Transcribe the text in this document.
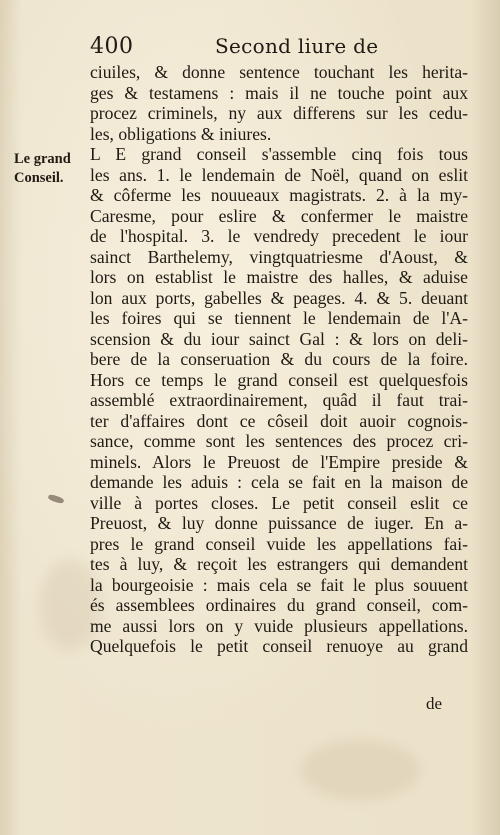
400	Second liure de
Le grand
Conseil.
ciuiles, & donne sentence touchant les herita-
ges & testamens : mais il ne touche point aux
procez criminels, ny aux differens sur les cedu-
les, obligations & iniures.
L E grand conseil s'assemble cinq fois tous
les ans. 1. le lendemain de Noël, quand on eslit
& côferme les nouueaux magistrats. 2. à la my-
Caresme, pour eslire & confermer le maistre
de l'hospital. 3. le vendredy precedent le iour
sainct Barthelemy, vingtquatriesme d'Aoust, &
lors on establist le maistre des halles, & aduise
lon aux ports, gabelles & peages. 4. & 5. deuant
les foires qui se tiennent le lendemain de l'A-
scension & du iour sainct Gal : & lors on deli-
bere de la conseruation & du cours de la foire.
Hors ce temps le grand conseil est quelquesfois
assemblé extraordinairement, quâd il faut trai-
ter d'affaires dont ce côseil doit auoir cognois-
sance, comme sont les sentences des procez cri-
minels. Alors le Preuost de l'Empire preside &
demande les aduis : cela se fait en la maison de
ville à portes closes. Le petit conseil eslit ce
Preuost, & luy donne puissance de iuger. En a-
pres le grand conseil vuide les appellations fai-
tes à luy, & reçoit les estrangers qui demandent
la bourgeoisie : mais cela se fait le plus souuent
és assemblees ordinaires du grand conseil, com-
me aussi lors on y vuide plusieurs appellations.
Quelquefois le petit conseil renuoye au grand
de
